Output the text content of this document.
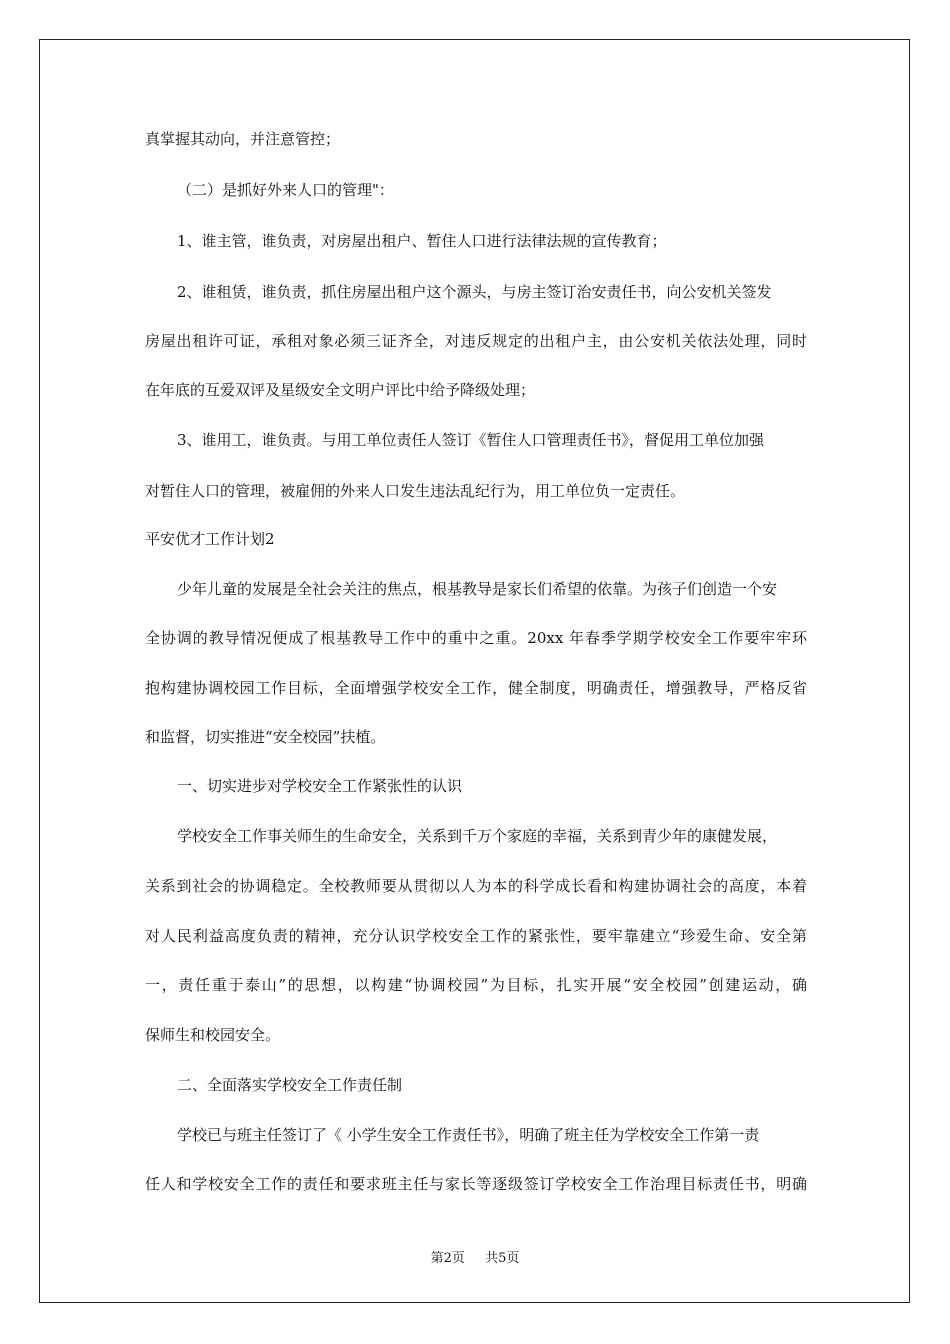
真掌握其动向，并注意管控；
（二）是抓好外来人口的管理"：
1、谁主管，谁负责，对房屋出租户、暂住人口进行法律法规的宣传教育；
2、谁租赁，谁负责，抓住房屋出租户这个源头，与房主签订治安责任书，向公安机关签发
房屋出租许可证，承租对象必须三证齐全，对违反规定的出租户主，由公安机关依法处理，同时
在年底的互爱双评及星级安全文明户评比中给予降级处理；
3、谁用工，谁负责。与用工单位责任人签订《暂住人口管理责任书》，督促用工单位加强
对暂住人口的管理，被雇佣的外来人口发生违法乱纪行为，用工单位负一定责任。
平安优才工作计划2
少年儿童的发展是全社会关注的焦点，根基教导是家长们希望的依靠。为孩子们创造一个安
全协调的教导情况便成了根基教导工作中的重中之重。20xx 年春季学期学校安全工作要牢牢环
抱构建协调校园工作目标，全面增强学校安全工作，健全制度，明确责任，增强教导，严格反省
和监督，切实推进“安全校园”扶植。
一、切实进步对学校安全工作紧张性的认识
学校安全工作事关师生的生命安全，关系到千万个家庭的幸福，关系到青少年的康健发展，
关系到社会的协调稳定。全校教师要从贯彻以人为本的科学成长看和构建协调社会的高度，本着
对人民利益高度负责的精神，充分认识学校安全工作的紧张性，要牢靠建立“珍爱生命、安全第
一，责任重于泰山”的思想，以构建“协调校园”为目标，扎实开展“安全校园”创建运动，确
保师生和校园安全。
二、全面落实学校安全工作责任制
学校已与班主任签订了《 小学生安全工作责任书》，明确了班主任为学校安全工作第一责
任人和学校安全工作的责任和要求班主任与家长等逐级签订学校安全工作治理目标责任书，明确
第2页 共5页
